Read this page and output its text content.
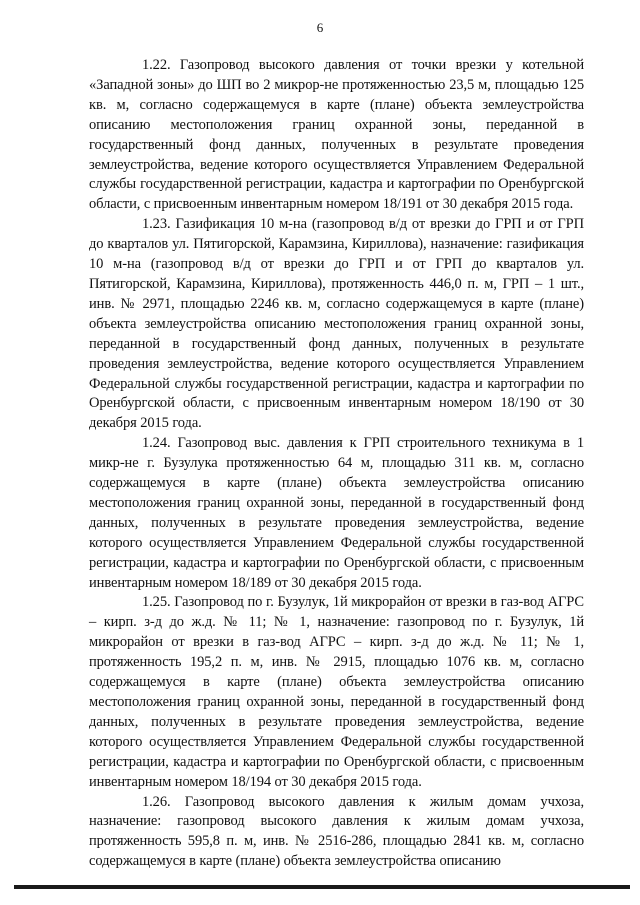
6

1.22. Газопровод высокого давления от точки врезки у котельной «Западной зоны» до ШП во 2 микрор-не протяженностью 23,5 м, площадью 125 кв. м, согласно содержащемуся в карте (плане) объекта землеустройства описанию местоположения границ охранной зоны, переданной в государственный фонд данных, полученных в результате проведения землеустройства, ведение которого осуществляется Управлением Федеральной службы государственной регистрации, кадастра и картографии по Оренбургской области, с присвоенным инвентарным номером 18/191 от 30 декабря 2015 года.

1.23. Газификация 10 м-на (газопровод в/д от врезки до ГРП и от ГРП до кварталов ул. Пятигорской, Карамзина, Кириллова), назначение: газификация 10 м-на (газопровод в/д от врезки до ГРП и от ГРП до кварталов ул. Пятигорской, Карамзина, Кириллова), протяженность 446,0 п. м, ГРП – 1 шт., инв. № 2971, площадью 2246 кв. м, согласно содержащемуся в карте (плане) объекта землеустройства описанию местоположения границ охранной зоны, переданной в государственный фонд данных, полученных в результате проведения землеустройства, ведение которого осуществляется Управлением Федеральной службы государственной регистрации, кадастра и картографии по Оренбургской области, с присвоенным инвентарным номером 18/190 от 30 декабря 2015 года.

1.24. Газопровод выс. давления к ГРП строительного техникума в 1 микр-не г. Бузулука протяженностью 64 м, площадью 311 кв. м, согласно содержащемуся в карте (плане) объекта землеустройства описанию местоположения границ охранной зоны, переданной в государственный фонд данных, полученных в результате проведения землеустройства, ведение которого осуществляется Управлением Федеральной службы государственной регистрации, кадастра и картографии по Оренбургской области, с присвоенным инвентарным номером 18/189 от 30 декабря 2015 года.

1.25. Газопровод по г. Бузулук, 1й микрорайон от врезки в газ-вод АГРС – кирп. з-д до ж.д. № 11; № 1, назначение: газопровод по г. Бузулук, 1й микрорайон от врезки в газ-вод АГРС – кирп. з-д до ж.д. № 11; № 1, протяженность 195,2 п. м, инв. № 2915, площадью 1076 кв. м, согласно содержащемуся в карте (плане) объекта землеустройства описанию местоположения границ охранной зоны, переданной в государственный фонд данных, полученных в результате проведения землеустройства, ведение которого осуществляется Управлением Федеральной службы государственной регистрации, кадастра и картографии по Оренбургской области, с присвоенным инвентарным номером 18/194 от 30 декабря 2015 года.

1.26. Газопровод высокого давления к жилым домам учхоза, назначение: газопровод высокого давления к жилым домам учхоза, протяженность 595,8 п. м, инв. № 2516-286, площадью 2841 кв. м, согласно содержащемуся в карте (плане) объекта землеустройства описанию
